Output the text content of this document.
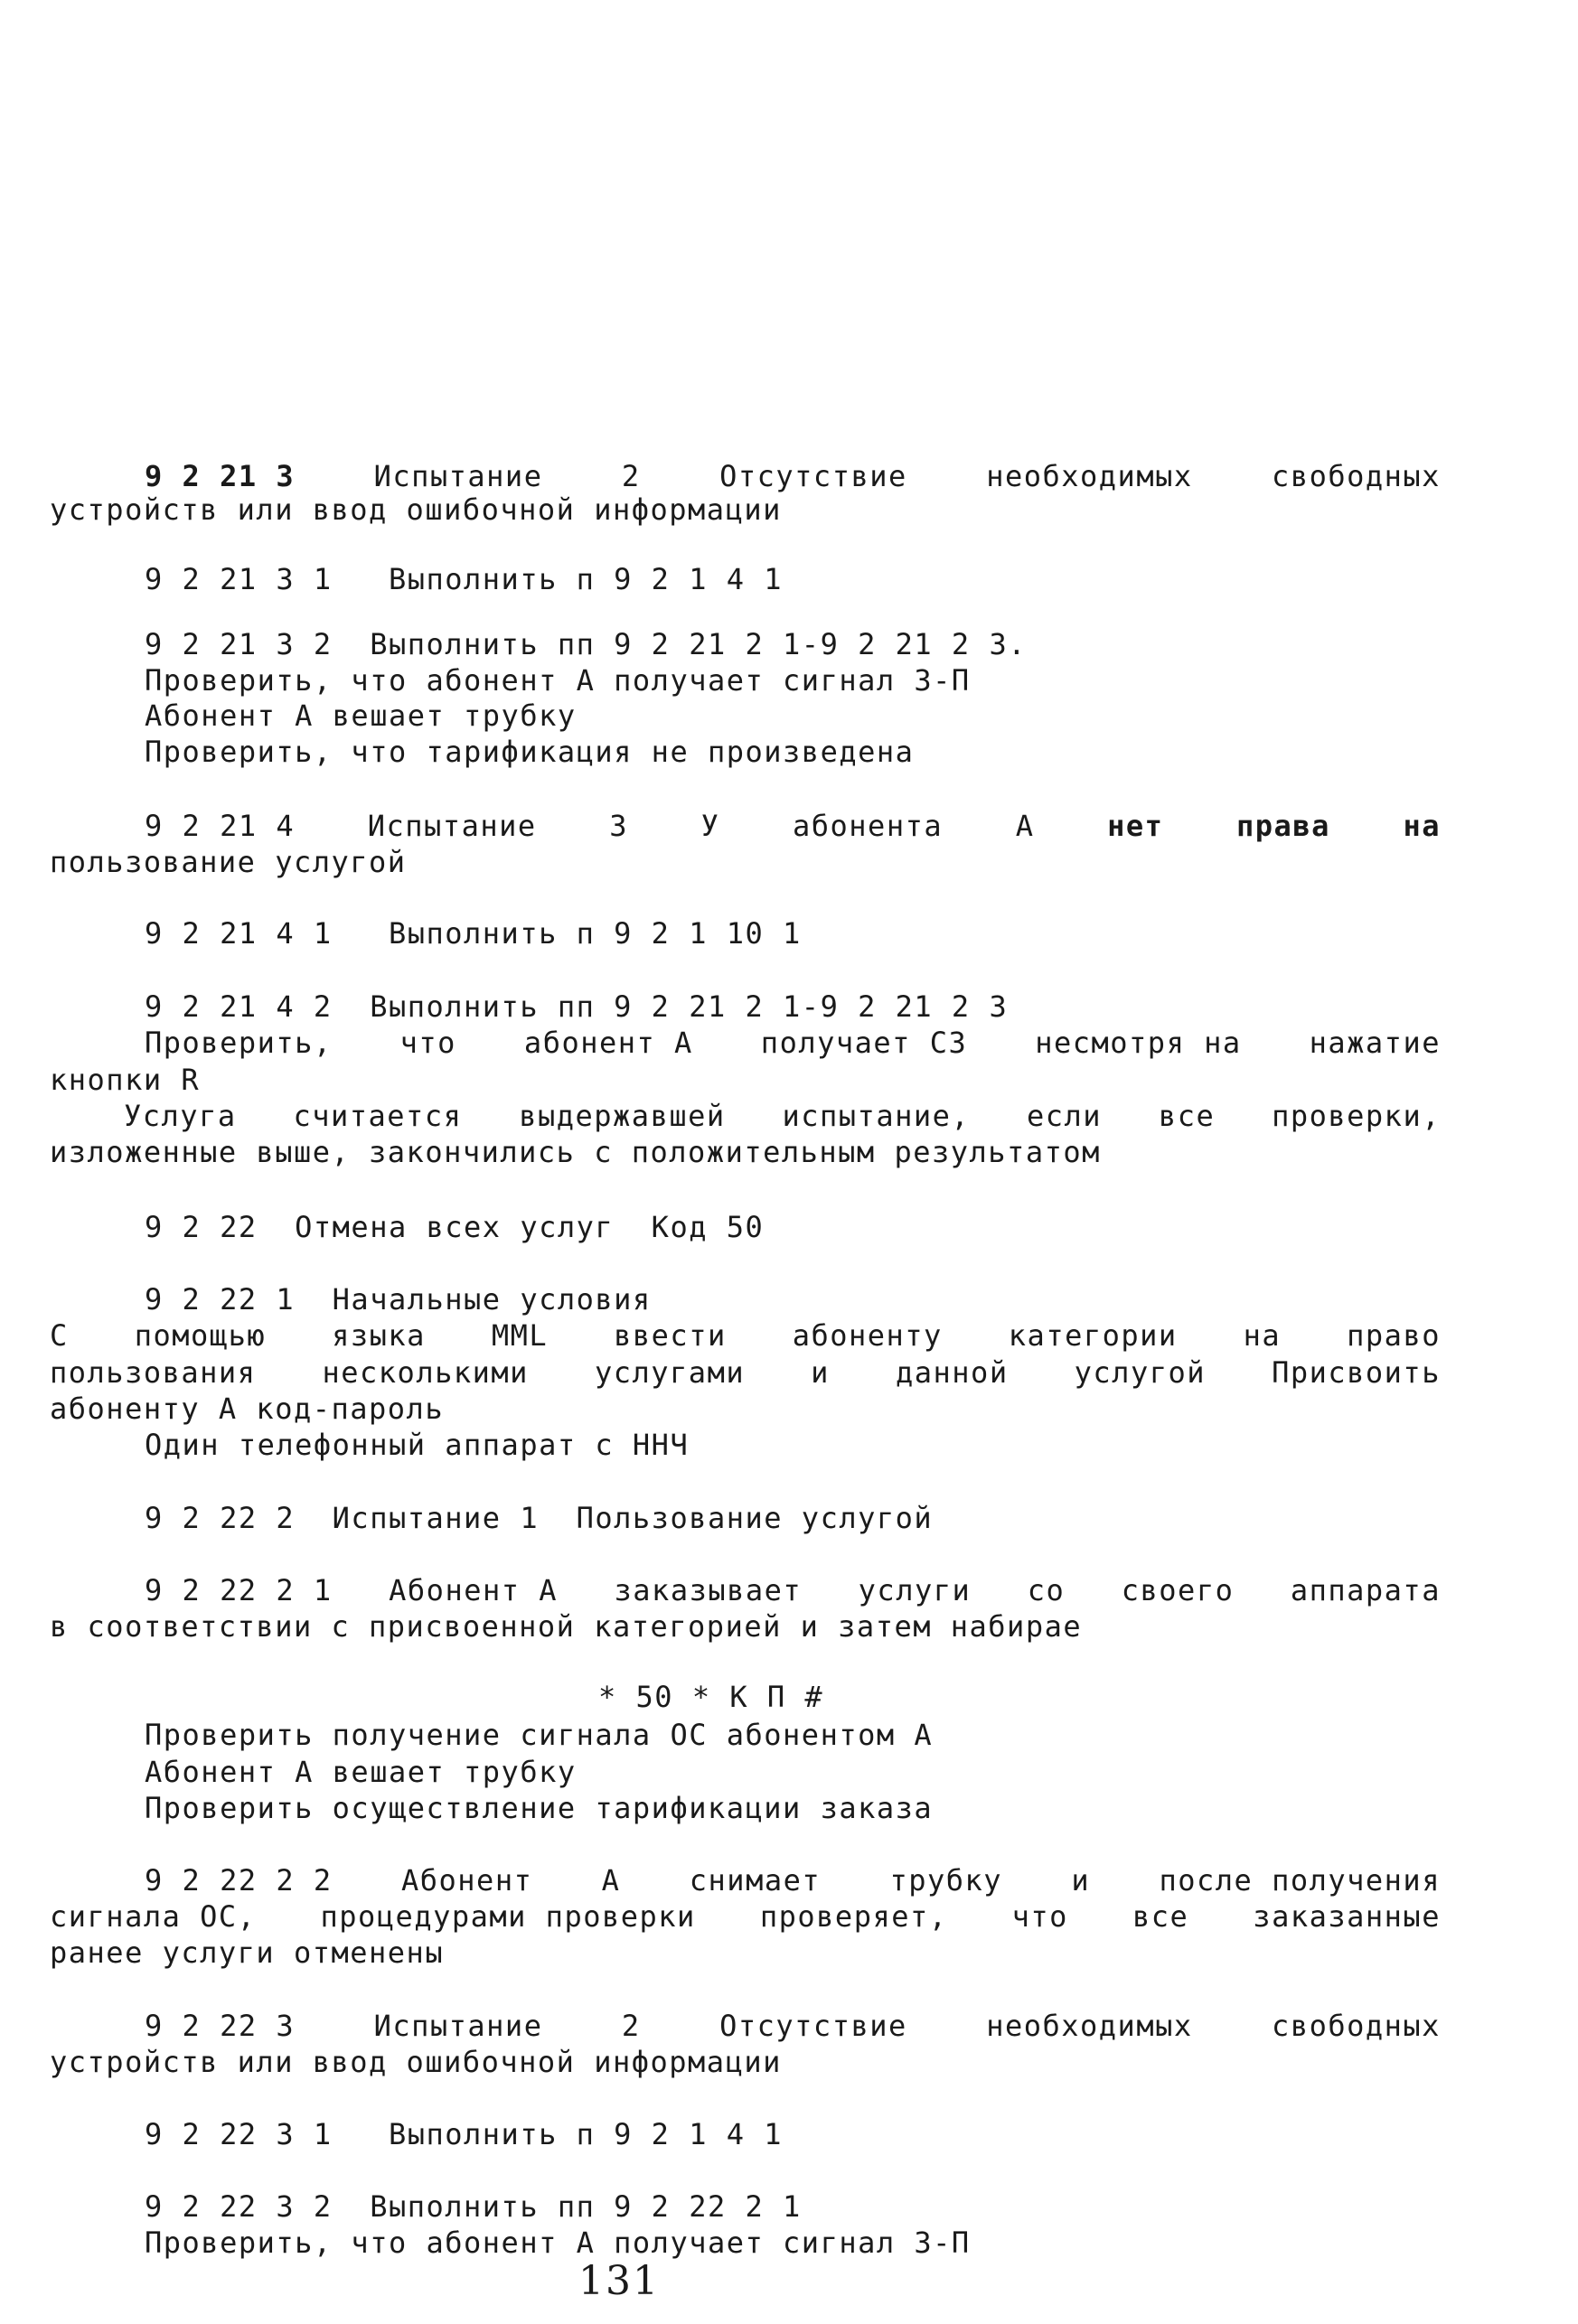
9 2 21 3	Испытание	2	Отсутствие	необходимых	свободных
устройств или ввод ошибочной информации
9 2 21 3 1   Выполнить п 9 2 1 4 1
9 2 21 3 2  Выполнить пп 9 2 21 2 1-9 2 21 2 3.
Проверить, что абонент А получает сигнал З-П
Абонент А вешает трубку
Проверить, что тарификация не произведена
9 2 21 4	Испытание	3	У	абонента	А	нет	права	на
пользование услугой
9 2 21 4 1   Выполнить п 9 2 1 10 1
9 2 21 4 2  Выполнить пп 9 2 21 2 1-9 2 21 2 3
Проверить, что абонент А получает СЗ несмотря на нажатие
кнопки R
Услуга считается выдержавшей испытание, если все проверки,
изложенные выше, закончились с положительным результатом
9 2 22  Отмена всех услуг  Код 50
9 2 22 1  Начальные условия
С помощью языка MML ввести абоненту категории на право
пользования несколькими услугами и данной услугой Присвоить
абоненту А код-пароль
Один телефонный аппарат с ННЧ
9 2 22 2  Испытание 1  Пользование услугой
9 2 22 2 1 Абонент А заказывает услуги со своего аппарата
в соответствии с присвоенной категорией и затем набирае
* 50 * К П #
Проверить получение сигнала ОС абонентом А
Абонент А вешает трубку
Проверить осуществление тарификации заказа
9 2 22 2 2 Абонент А снимает трубку и после получения
сигнала ОС, процедурами проверки проверяет, что все заказанные
ранее услуги отменены
9 2 22 3	Испытание	2	Отсутствие	необходимых	свободных
устройств или ввод ошибочной информации
9 2 22 3 1   Выполнить п 9 2 1 4 1
9 2 22 3 2  Выполнить пп 9 2 22 2 1
Проверить, что абонент А получает сигнал З-П
131
